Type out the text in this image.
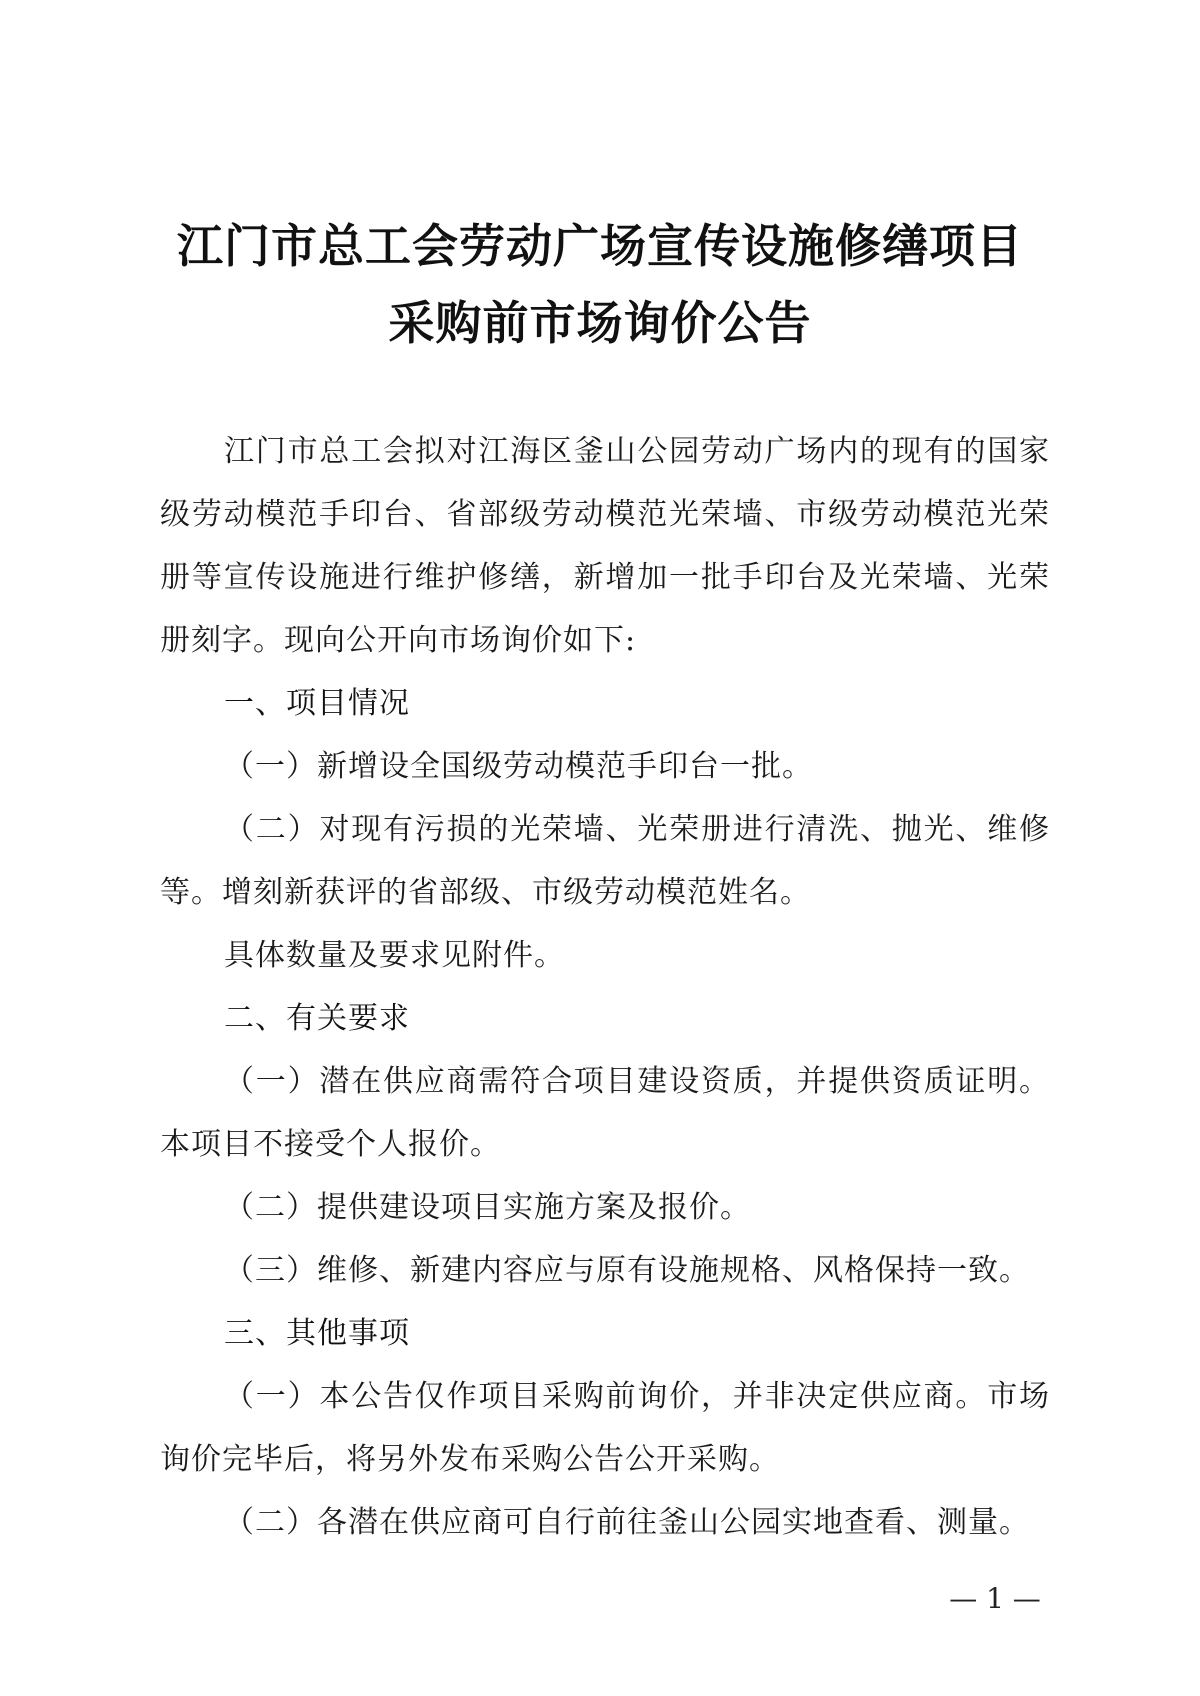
江门市总工会劳动广场宣传设施修缮项目
采购前市场询价公告

江门市总工会拟对江海区釜山公园劳动广场内的现有的国家级劳动模范手印台、省部级劳动模范光荣墙、市级劳动模范光荣册等宣传设施进行维护修缮，新增加一批手印台及光荣墙、光荣册刻字。现向公开向市场询价如下:

一、项目情况

（一）新增设全国级劳动模范手印台一批。

（二）对现有污损的光荣墙、光荣册进行清洗、抛光、维修等。增刻新获评的省部级、市级劳动模范姓名。

具体数量及要求见附件。

二、有关要求

（一）潜在供应商需符合项目建设资质，并提供资质证明。本项目不接受个人报价。

（二）提供建设项目实施方案及报价。

（三）维修、新建内容应与原有设施规格、风格保持一致。

三、其他事项

（一）本公告仅作项目采购前询价，并非决定供应商。市场询价完毕后，将另外发布采购公告公开采购。

（二）各潜在供应商可自行前往釜山公园实地查看、测量。

— 1 —
